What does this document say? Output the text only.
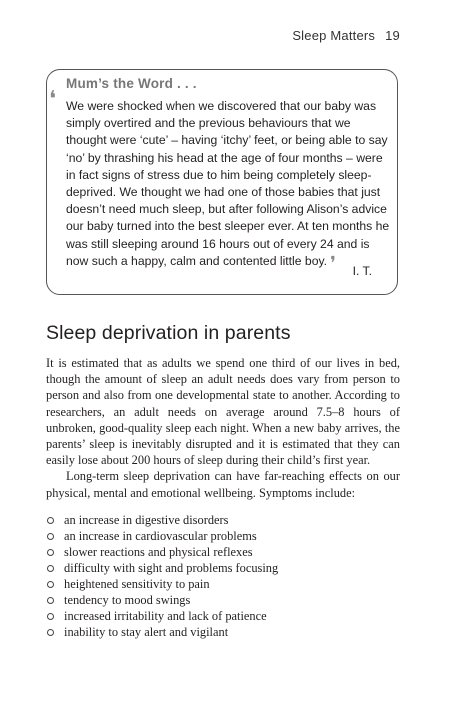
Sleep Matters 19
Mum’s the Word . . .
❛ We were shocked when we discovered that our baby was simply overtired and the previous behaviours that we thought were ‘cute’ – having ‘itchy’ feet, or being able to say ‘no’ by thrashing his head at the age of four months – were in fact signs of stress due to him being completely sleep-deprived. We thought we had one of those babies that just doesn’t need much sleep, but after following Alison’s advice our baby turned into the best sleeper ever. At ten months he was still sleeping around 16 hours out of every 24 and is now such a happy, calm and contented little boy. ❜	I. T.
Sleep deprivation in parents

It is estimated that as adults we spend one third of our lives in bed, though the amount of sleep an adult needs does vary from person to person and also from one developmental state to another. According to researchers, an adult needs on average around 7.5–8 hours of unbroken, good-quality sleep each night. When a new baby arrives, the parents’ sleep is inevitably disrupted and it is estimated that they can easily lose about 200 hours of sleep during their child’s first year.

Long-term sleep deprivation can have far-reaching effects on our physical, mental and emotional wellbeing. Symptoms include:

an increase in digestive disorders
an increase in cardiovascular problems
slower reactions and physical reflexes
difficulty with sight and problems focusing
heightened sensitivity to pain
tendency to mood swings
increased irritability and lack of patience
inability to stay alert and vigilant
